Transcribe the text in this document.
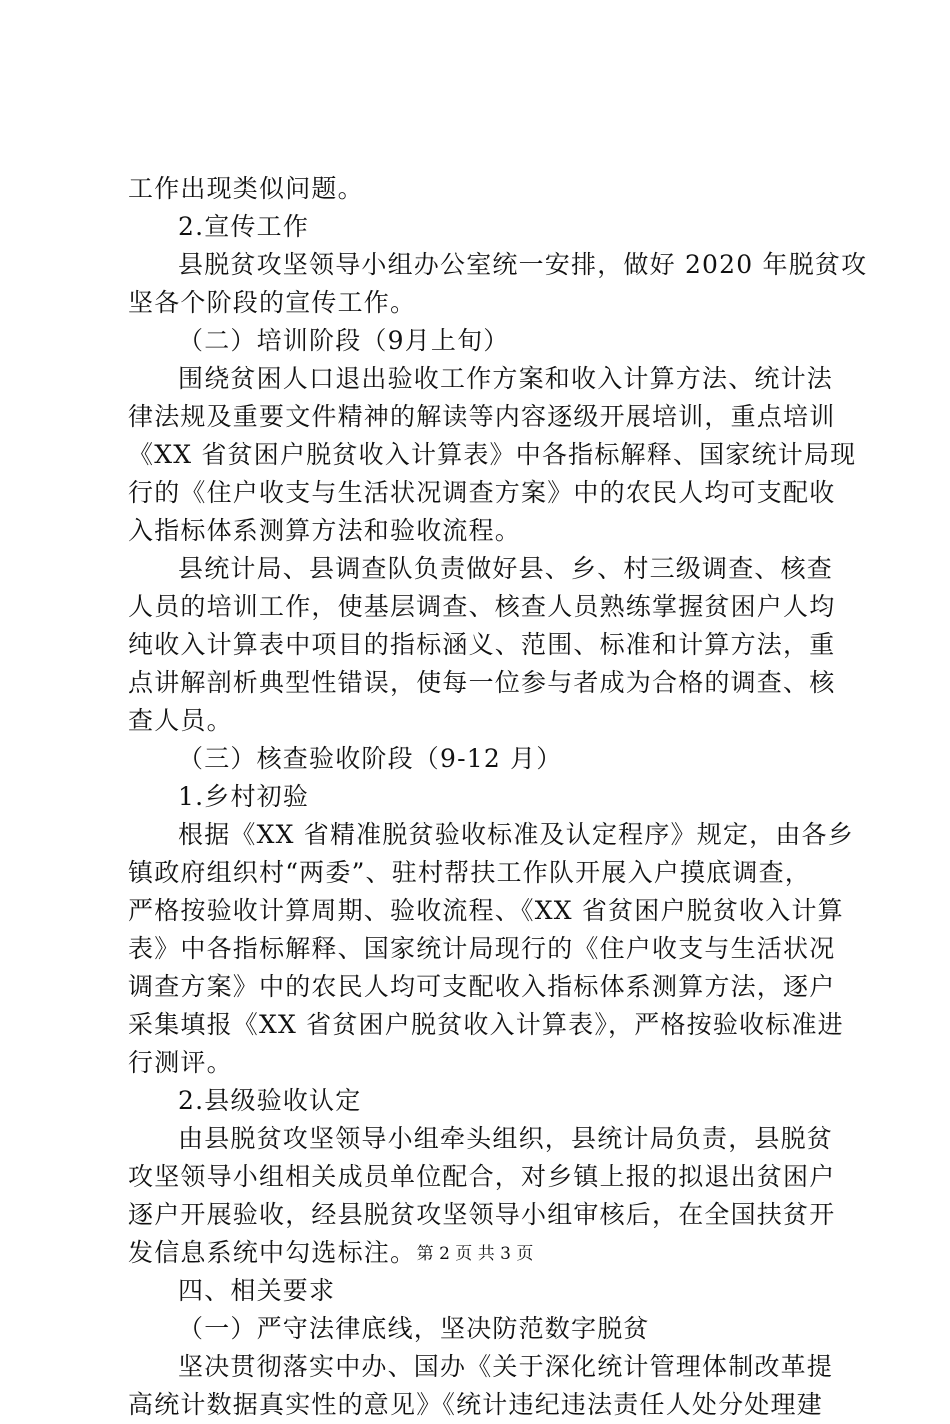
工作出现类似问题。
2.宣传工作
县脱贫攻坚领导小组办公室统一安排，做好 2020 年脱贫攻
坚各个阶段的宣传工作。
（二）培训阶段（9月上旬）
围绕贫困人口退出验收工作方案和收入计算方法、统计法
律法规及重要文件精神的解读等内容逐级开展培训，重点培训
《XX 省贫困户脱贫收入计算表》中各指标解释、国家统计局现
行的《住户收支与生活状况调查方案》中的农民人均可支配收
入指标体系测算方法和验收流程。
县统计局、县调查队负责做好县、乡、村三级调查、核查
人员的培训工作，使基层调查、核查人员熟练掌握贫困户人均
纯收入计算表中项目的指标涵义、范围、标准和计算方法，重
点讲解剖析典型性错误，使每一位参与者成为合格的调查、核
查人员。
（三）核查验收阶段（9-12 月）
1.乡村初验
根据《XX 省精准脱贫验收标准及认定程序》规定，由各乡
镇政府组织村“两委”、驻村帮扶工作队开展入户摸底调查，
严格按验收计算周期、验收流程、《XX 省贫困户脱贫收入计算
表》中各指标解释、国家统计局现行的《住户收支与生活状况
调查方案》中的农民人均可支配收入指标体系测算方法，逐户
采集填报《XX 省贫困户脱贫收入计算表》，严格按验收标准进
行测评。
2.县级验收认定
由县脱贫攻坚领导小组牵头组织，县统计局负责，县脱贫
攻坚领导小组相关成员单位配合，对乡镇上报的拟退出贫困户
逐户开展验收，经县脱贫攻坚领导小组审核后，在全国扶贫开
发信息系统中勾选标注。
四、相关要求
（一）严守法律底线，坚决防范数字脱贫
坚决贯彻落实中办、国办《关于深化统计管理体制改革提
高统计数据真实性的意见》《统计违纪违法责任人处分处理建
第 2 页 共 3 页
